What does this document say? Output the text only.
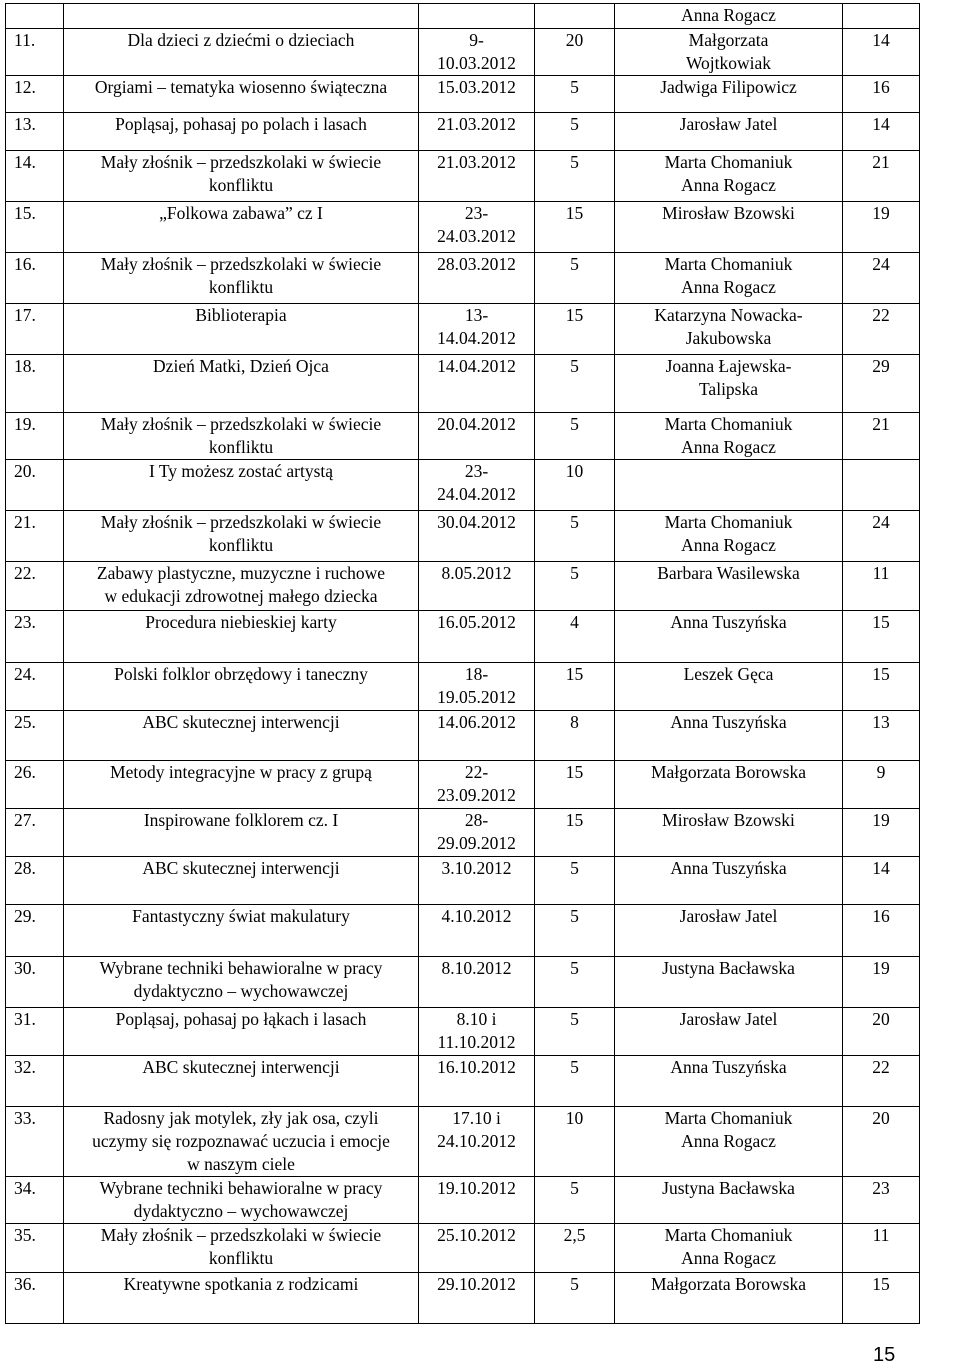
				Anna Rogacz	

11.	Dla dzieci z dziećmi o dzieciach	9-
10.03.2012	20	Małgorzata
Wojtkowiak	14

12.	Orgiami – tematyka wiosenno świąteczna	15.03.2012	5	Jadwiga Filipowicz	16

13.	Popląsaj, pohasaj po polach i lasach	21.03.2012	5	Jarosław Jatel	14

14.	Mały złośnik – przedszkolaki w świecie
konfliktu	21.03.2012	5	Marta Chomaniuk
Anna Rogacz	21

15.	„Folkowa zabawa” cz I	23-
24.03.2012	15	Mirosław Bzowski	19

16.	Mały złośnik – przedszkolaki w świecie
konfliktu	28.03.2012	5	Marta Chomaniuk
Anna Rogacz	24

17.	Biblioterapia	13-
14.04.2012	15	Katarzyna Nowacka-
Jakubowska	22

18.	Dzień Matki, Dzień Ojca	14.04.2012	5	Joanna Łajewska-
Talipska	29

19.	Mały złośnik – przedszkolaki w świecie
konfliktu	20.04.2012	5	Marta Chomaniuk
Anna Rogacz	21

20.	I Ty możesz zostać artystą	23-
24.04.2012	10		

21.	Mały złośnik – przedszkolaki w świecie
konfliktu	30.04.2012	5	Marta Chomaniuk
Anna Rogacz	24

22.	Zabawy plastyczne, muzyczne i ruchowe
w edukacji zdrowotnej małego dziecka	8.05.2012	5	Barbara Wasilewska	11

23.	Procedura niebieskiej karty	16.05.2012	4	Anna Tuszyńska	15

24.	Polski folklor obrzędowy i taneczny	18-
19.05.2012	15	Leszek Gęca	15

25.	ABC skutecznej interwencji	14.06.2012	8	Anna Tuszyńska	13

26.	Metody integracyjne w pracy z grupą	22-
23.09.2012	15	Małgorzata Borowska	9

27.	Inspirowane folklorem cz. I	28-
29.09.2012	15	Mirosław Bzowski	19

28.	ABC skutecznej interwencji	3.10.2012	5	Anna Tuszyńska	14

29.	Fantastyczny świat makulatury	4.10.2012	5	Jarosław Jatel	16

30.	Wybrane techniki behawioralne w pracy
dydaktyczno – wychowawczej	8.10.2012	5	Justyna Bacławska	19

31.	Popląsaj, pohasaj po łąkach i lasach	8.10 i
11.10.2012	5	Jarosław Jatel	20

32.	ABC skutecznej interwencji	16.10.2012	5	Anna Tuszyńska	22

33.	Radosny jak motylek, zły jak osa, czyli
uczymy się rozpoznawać uczucia i emocje
w naszym ciele	17.10 i
24.10.2012	10	Marta Chomaniuk
Anna Rogacz	20

34.	Wybrane techniki behawioralne w pracy
dydaktyczno – wychowawczej	19.10.2012	5	Justyna Bacławska	23

35.	Mały złośnik – przedszkolaki w świecie
konfliktu	25.10.2012	2,5	Marta Chomaniuk
Anna Rogacz	11

36.	Kreatywne spotkania z rodzicami	29.10.2012	5	Małgorzata Borowska	15
15
